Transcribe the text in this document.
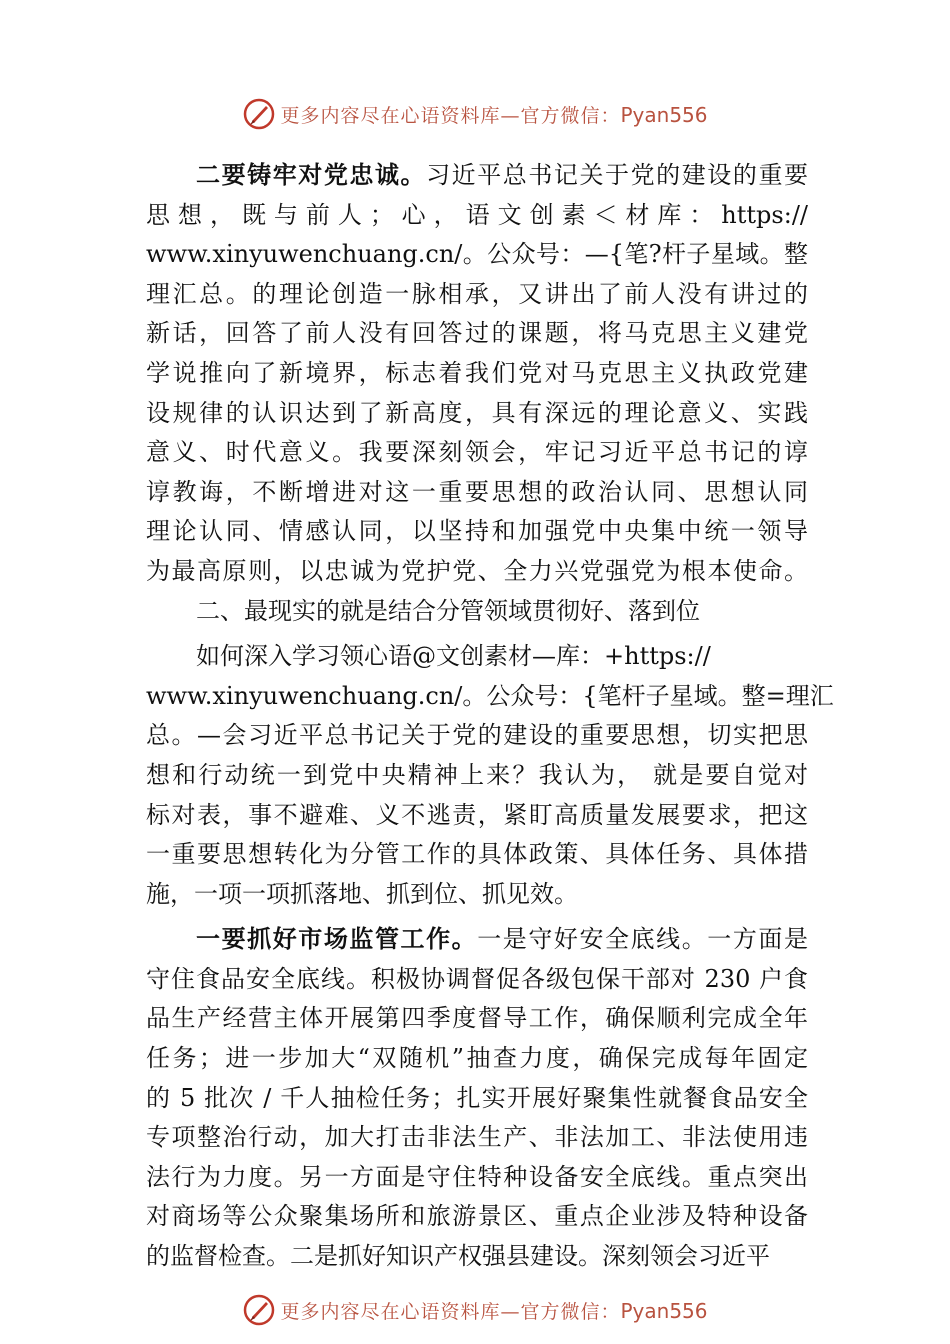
更多内容尽在心语资料库—官方微信：Pyan556
二要铸牢对党忠诚。习近平总书记关于党的建设的重要
思 想 ， 既 与 前 人 ； 心 ， 语 文 创 素 ＜ 材 库 ： https://
www.xinyuwenchuang.cn/。公众号：—{笔?杆子星域。整
理汇总。的理论创造一脉相承，又讲出了前人没有讲过的
新话，回答了前人没有回答过的课题，将马克思主义建党
学说推向了新境界，标志着我们党对马克思主义执政党建
设规律的认识达到了新高度，具有深远的理论意义、实践
意义、时代意义。我要深刻领会，牢记习近平总书记的谆
谆教诲，不断增进对这一重要思想的政治认同、思想认同
理论认同、情感认同，以坚持和加强党中央集中统一领导
为最高原则，以忠诚为党护党、全力兴党强党为根本使命。
二、最现实的就是结合分管领域贯彻好、落到位
如何深入学习领心语@文创素材—库：+https://
www.xinyuwenchuang.cn/。公众号：{笔杆子星域。整=理汇
总。—会习近平总书记关于党的建设的重要思想，切实把思
想和行动统一到党中央精神上来？我认为， 就是要自觉对
标对表，事不避难、义不逃责，紧盯高质量发展要求，把这
一重要思想转化为分管工作的具体政策、具体任务、具体措
施，一项一项抓落地、抓到位、抓见效。
一要抓好市场监管工作。一是守好安全底线。一方面是
守住食品安全底线。积极协调督促各级包保干部对 230 户食
品生产经营主体开展第四季度督导工作，确保顺利完成全年
任务；进一步加大“双随机”抽查力度，确保完成每年固定
的 5 批次 / 千人抽检任务；扎实开展好聚集性就餐食品安全
专项整治行动，加大打击非法生产、非法加工、非法使用违
法行为力度。另一方面是守住特种设备安全底线。重点突出
对商场等公众聚集场所和旅游景区、重点企业涉及特种设备
的监督检查。二是抓好知识产权强县建设。深刻领会习近平
更多内容尽在心语资料库—官方微信：Pyan556
